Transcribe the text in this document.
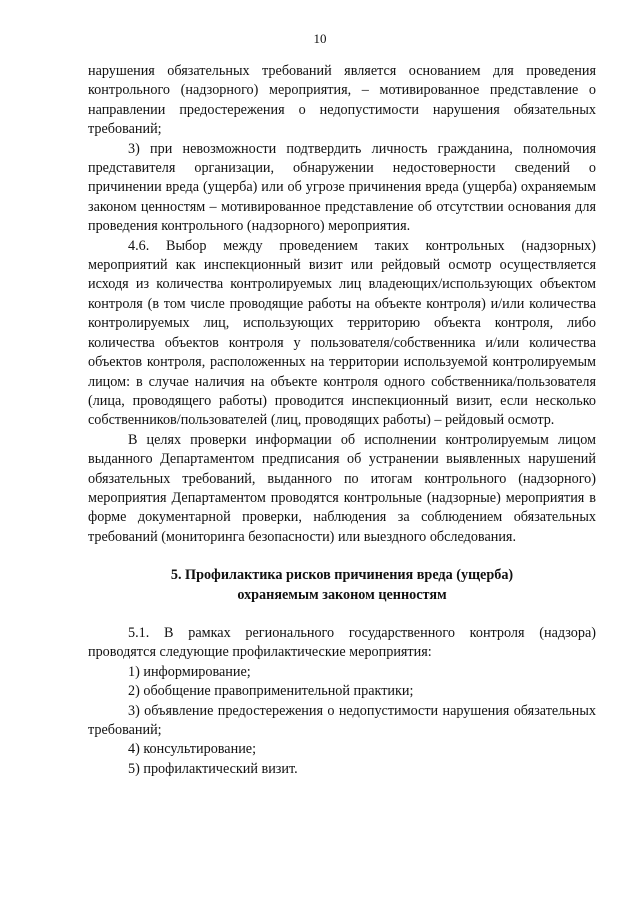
10

нарушения обязательных требований является основанием для проведения контрольного (надзорного) мероприятия, – мотивированное представление о направлении предостережения о недопустимости нарушения обязательных требований;

3) при невозможности подтвердить личность гражданина, полномочия представителя организации, обнаружении недостоверности сведений о причинении вреда (ущерба) или об угрозе причинения вреда (ущерба) охраняемым законом ценностям – мотивированное представление об отсутствии основания для проведения контрольного (надзорного) мероприятия.

4.6. Выбор между проведением таких контрольных (надзорных) мероприятий как инспекционный визит или рейдовый осмотр осуществляется исходя из количества контролируемых лиц владеющих/использующих объектом контроля (в том числе проводящие работы на объекте контроля) и/или количества контролируемых лиц, использующих территорию объекта контроля, либо количества объектов контроля у пользователя/собственника и/или количества объектов контроля, расположенных на территории используемой контролируемым лицом: в случае наличия на объекте контроля одного собственника/пользователя (лица, проводящего работы) проводится инспекционный визит, если несколько собственников/пользователей (лиц, проводящих работы) – рейдовый осмотр.

В целях проверки информации об исполнении контролируемым лицом выданного Департаментом предписания об устранении выявленных нарушений обязательных требований, выданного по итогам контрольного (надзорного) мероприятия Департаментом проводятся контрольные (надзорные) мероприятия в форме документарной проверки, наблюдения за соблюдением обязательных требований (мониторинга безопасности) или выездного обследования.

5. Профилактика рисков причинения вреда (ущерба)
охраняемым законом ценностям

5.1. В рамках регионального государственного контроля (надзора) проводятся следующие профилактические мероприятия:

1) информирование;

2) обобщение правоприменительной практики;

3) объявление предостережения о недопустимости нарушения обязательных требований;

4) консультирование;

5) профилактический визит.
